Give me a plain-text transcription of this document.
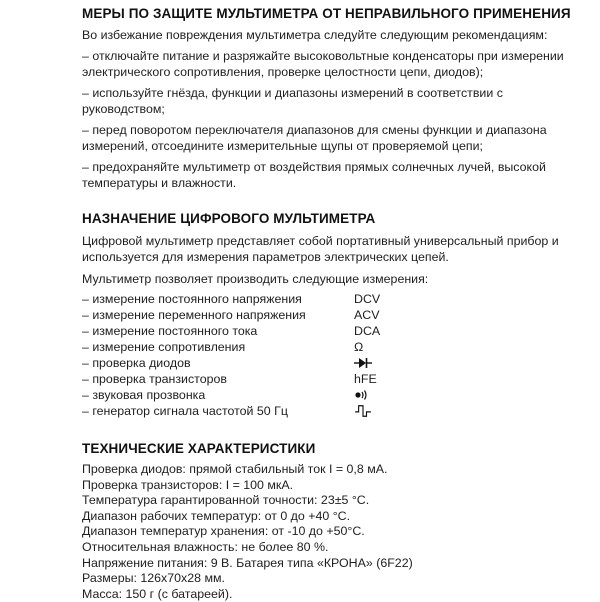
МЕРЫ ПО ЗАЩИТЕ МУЛЬТИМЕТРА ОТ НЕПРАВИЛЬНОГО ПРИМЕНЕНИЯ

Во избежание повреждения мультиметра следуйте следующим рекомендациям:

– отключайте питание и разряжайте высоковольтные конденсаторы при измерении электрического сопротивления, проверке целостности цепи, диодов);

– используйте гнёзда, функции и диапазоны измерений в соответствии с руководством;

– перед поворотом переключателя диапазонов для смены функции и диапазона измерений, отсоедините измерительные щупы от проверяемой цепи;

– предохраняйте мультиметр от воздействия прямых солнечных лучей, высокой температуры и влажности.

НАЗНАЧЕНИЕ ЦИФРОВОГО МУЛЬТИМЕТРА

Цифровой мультиметр представляет собой портативный универсальный прибор и используется для измерения параметров электрических цепей.

Мультиметр позволяет производить следующие измерения:

– измерение постоянного напряжения	DCV
– измерение переменного напряжения	ACV
– измерение постоянного тока	DCA
– измерение сопротивления	Ω
– проверка диодов
– проверка транзисторов	hFE
– звуковая прозвонка
– генератор сигнала частотой 50 Гц
ТЕХНИЧЕСКИЕ ХАРАКТЕРИСТИКИ
Проверка диодов: прямой стабильный ток I = 0,8 мА.
Проверка транзисторов: I = 100 мкА.
Температура гарантированной точности: 23±5 °С.
Диапазон рабочих температур: от 0 до +40 °С.
Диапазон температур хранения: от -10 до +50°С.
Относительная влажность: не более 80 %.
Напряжение питания: 9 В. Батарея типа «КРОНА» (6F22)
Размеры: 126х70х28 мм.
Масса: 150 г (с батареей).
